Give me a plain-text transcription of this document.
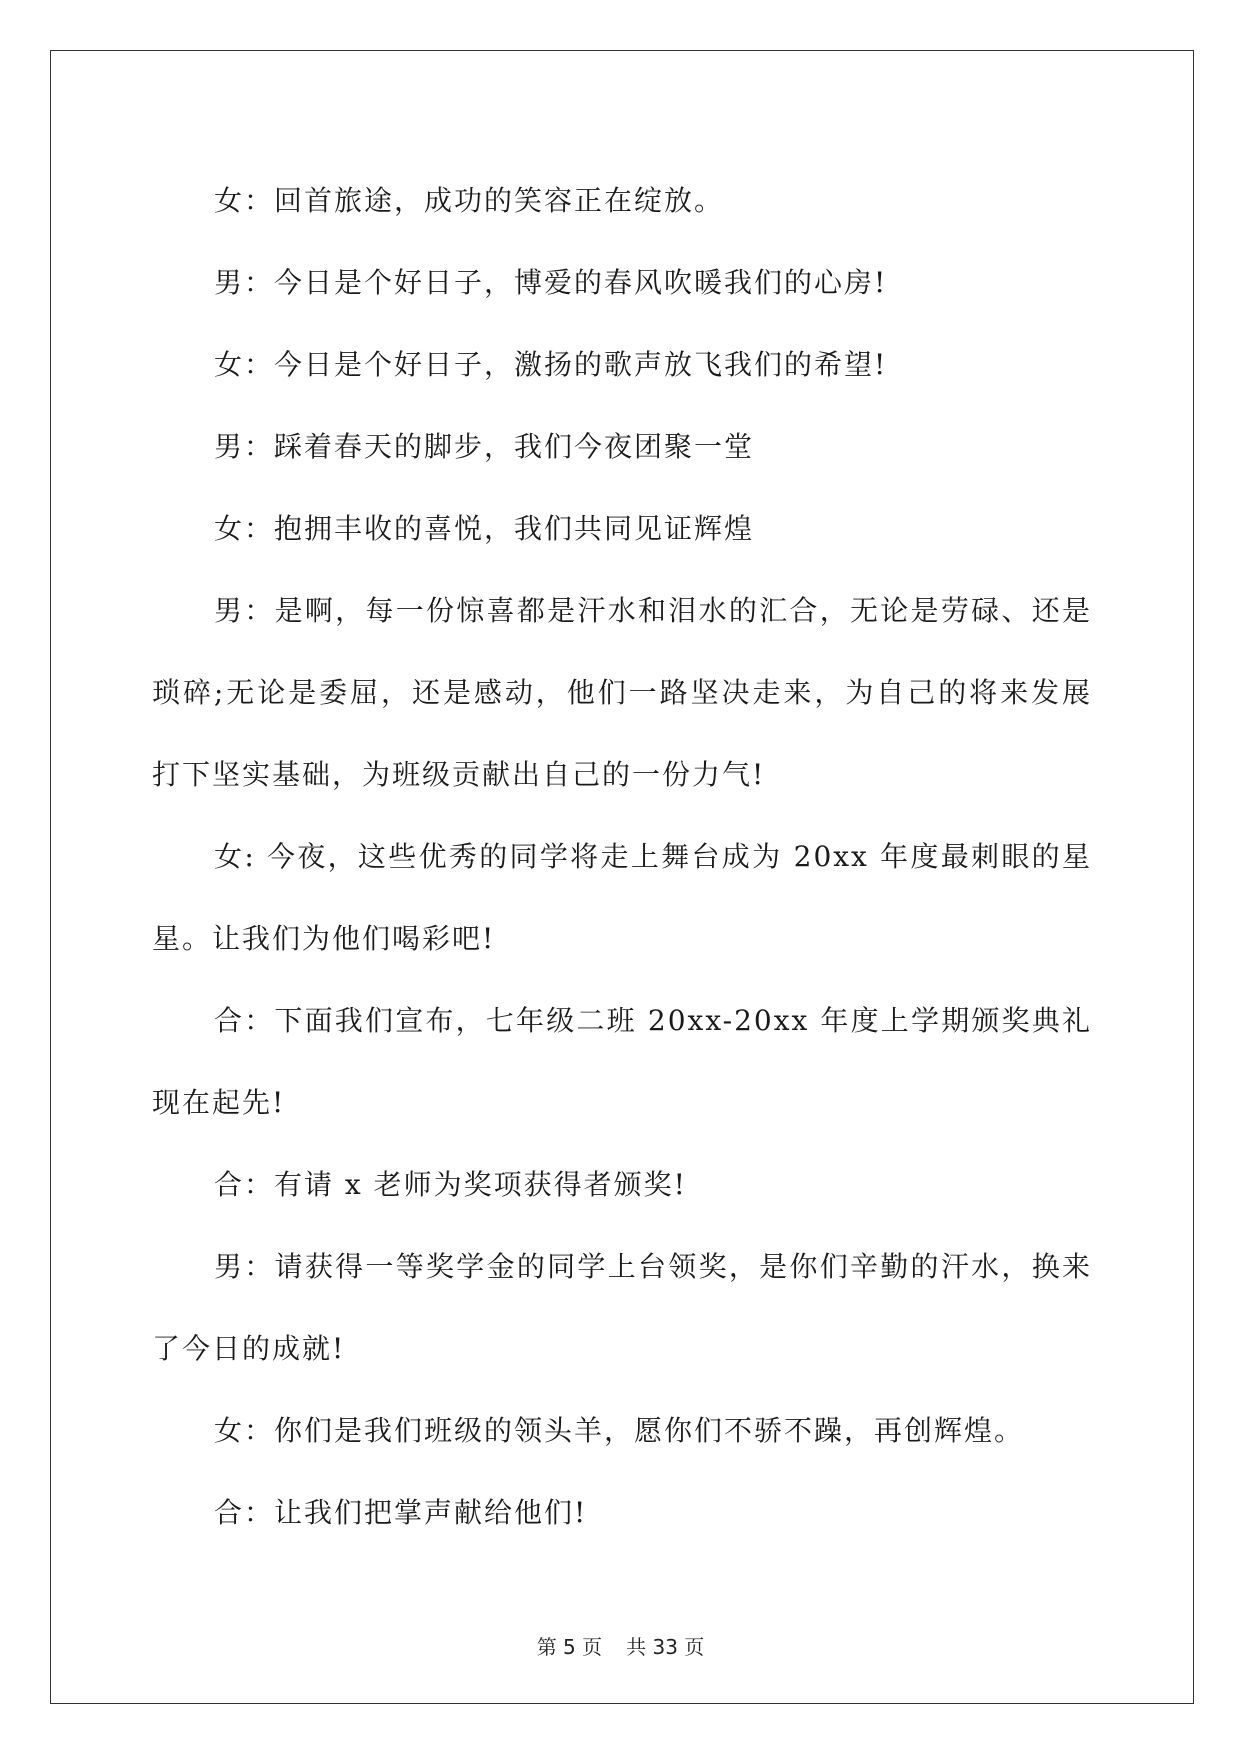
女：回首旅途，成功的笑容正在绽放。

男：今日是个好日子，博爱的春风吹暖我们的心房!

女：今日是个好日子，激扬的歌声放飞我们的希望!

男：踩着春天的脚步，我们今夜团聚一堂

女：抱拥丰收的喜悦，我们共同见证辉煌

男：是啊，每一份惊喜都是汗水和泪水的汇合，无论是劳碌、还是琐碎;无论是委屈，还是感动，他们一路坚决走来，为自己的将来发展打下坚实基础，为班级贡献出自己的一份力气!

女: 今夜，这些优秀的同学将走上舞台成为 20xx 年度最刺眼的星星。让我们为他们喝彩吧!

合：下面我们宣布，七年级二班 20xx-20xx 年度上学期颁奖典礼现在起先!

合：有请 x 老师为奖项获得者颁奖!

男：请获得一等奖学金的同学上台领奖，是你们辛勤的汗水，换来了今日的成就!

女：你们是我们班级的领头羊，愿你们不骄不躁，再创辉煌。

合：让我们把掌声献给他们!

第 5 页 共 33 页
